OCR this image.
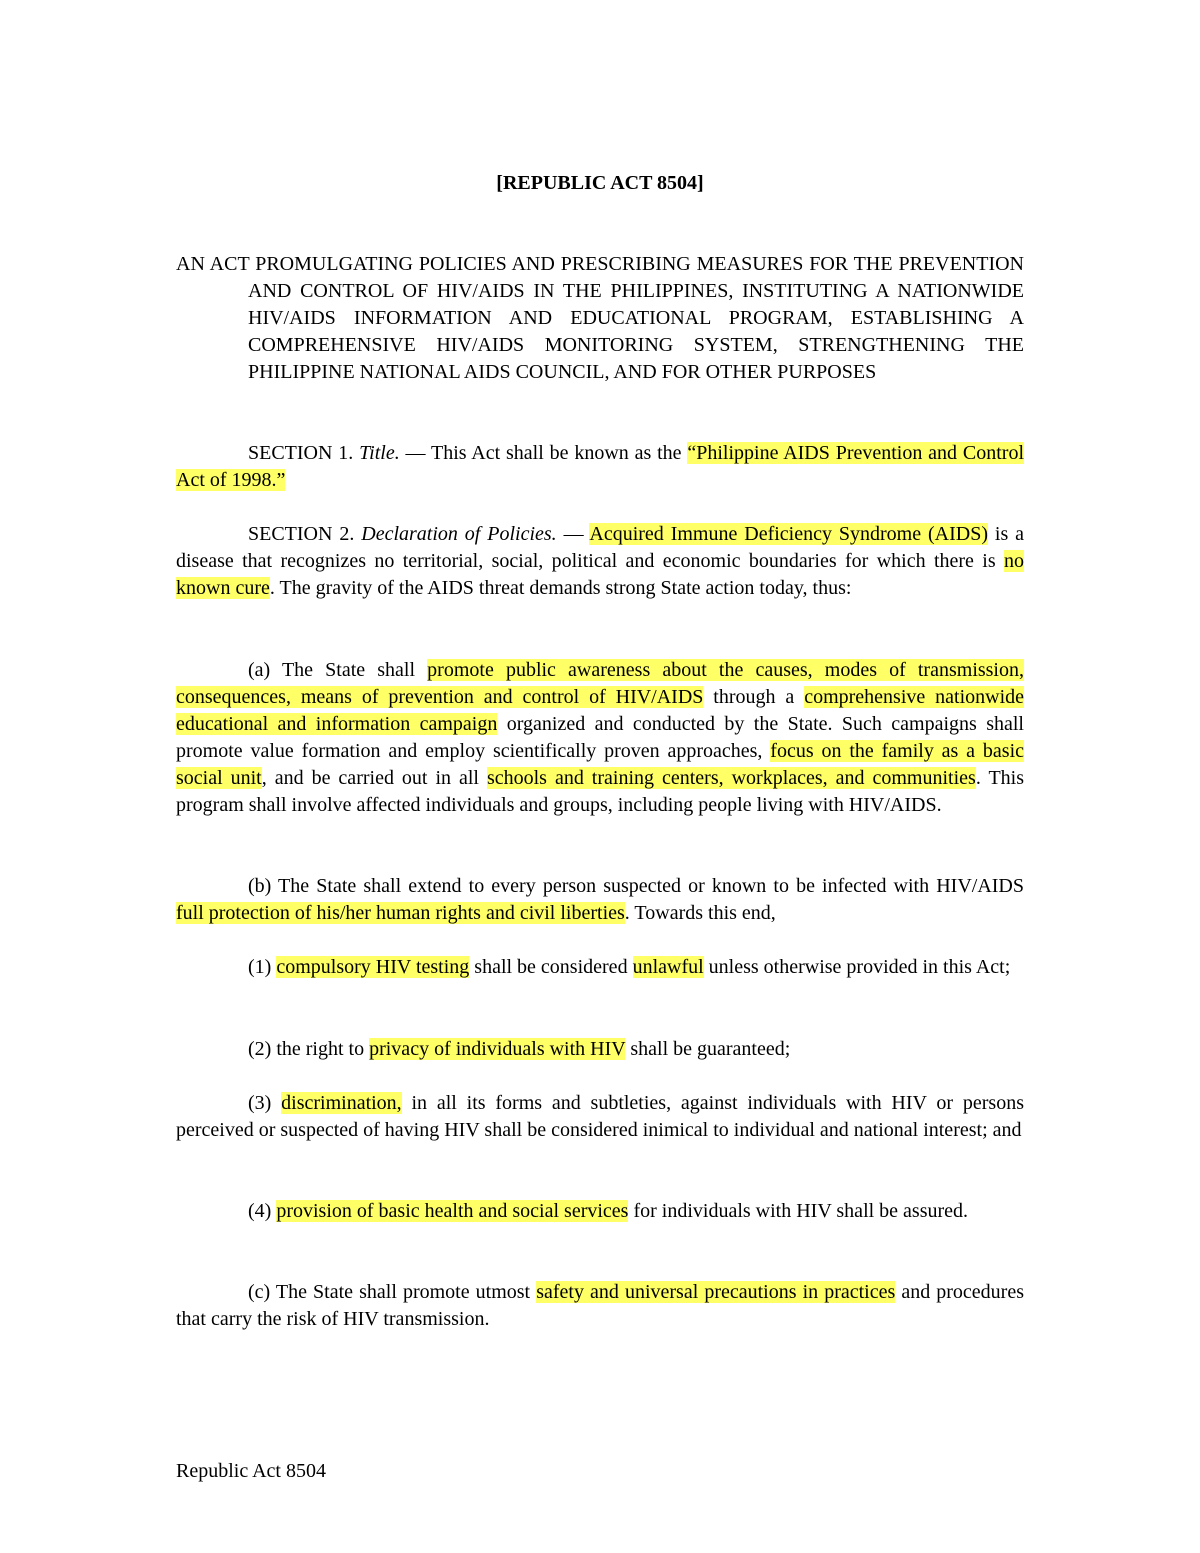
[REPUBLIC ACT 8504]

AN ACT PROMULGATING POLICIES AND PRESCRIBING MEASURES FOR THE PREVENTION AND CONTROL OF HIV/AIDS IN THE PHILIPPINES, INSTITUTING A NATIONWIDE HIV/AIDS INFORMATION AND EDUCATIONAL PROGRAM, ESTABLISHING A COMPREHENSIVE HIV/AIDS MONITORING SYSTEM, STRENGTHENING THE PHILIPPINE NATIONAL AIDS COUNCIL, AND FOR OTHER PURPOSES

SECTION 1. Title. — This Act shall be known as the “Philippine AIDS Prevention and Control Act of 1998.”

SECTION 2. Declaration of Policies. — Acquired Immune Deficiency Syndrome (AIDS) is a disease that recognizes no territorial, social, political and economic boundaries for which there is no known cure. The gravity of the AIDS threat demands strong State action today, thus:

(a) The State shall promote public awareness about the causes, modes of transmission, consequences, means of prevention and control of HIV/AIDS through a comprehensive nationwide educational and information campaign organized and conducted by the State. Such campaigns shall promote value formation and employ scientifically proven approaches, focus on the family as a basic social unit, and be carried out in all schools and training centers, workplaces, and communities. This program shall involve affected individuals and groups, including people living with HIV/AIDS.

(b) The State shall extend to every person suspected or known to be infected with HIV/AIDS full protection of his/her human rights and civil liberties. Towards this end,

(1) compulsory HIV testing shall be considered unlawful unless otherwise provided in this Act;

(2) the right to privacy of individuals with HIV shall be guaranteed;

(3) discrimination, in all its forms and subtleties, against individuals with HIV or persons perceived or suspected of having HIV shall be considered inimical to individual and national interest; and

(4) provision of basic health and social services for individuals with HIV shall be assured.

(c) The State shall promote utmost safety and universal precautions in practices and procedures that carry the risk of HIV transmission.

Republic Act 8504
